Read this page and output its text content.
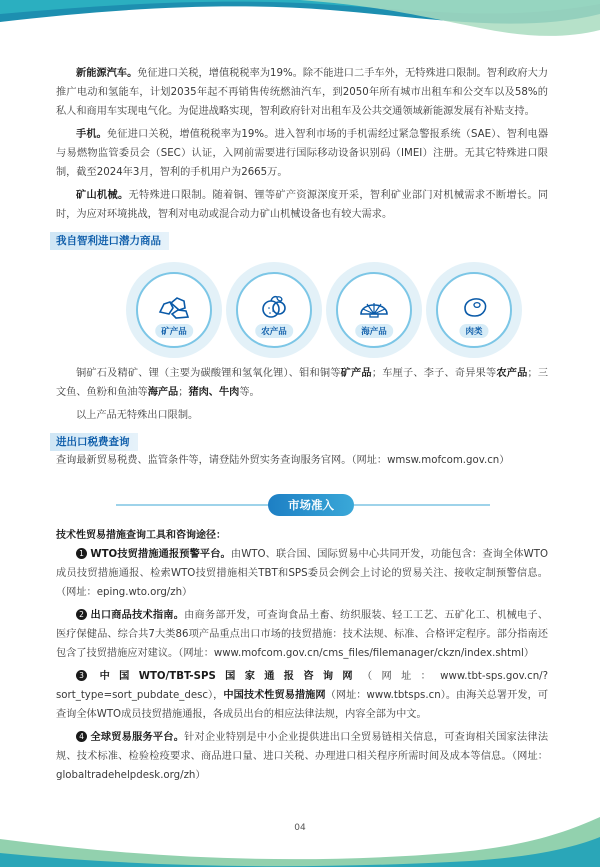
新能源汽车。免征进口关税，增值税税率为19%。除不能进口二手车外，无特殊进口限制。智利政府大力推广电动和氢能车，计划2035年起不再销售传统燃油汽车，到2050年所有城市出租车和公交车以及58%的私人和商用车实现电气化。为促进战略实现，智利政府针对出租车及公共交通领域新能源发展有补贴支持。

手机。免征进口关税，增值税税率为19%。进入智利市场的手机需经过紧急警报系统（SAE）、智利电器与易燃物监管委员会（SEC）认证，入网前需要进行国际移动设备识别码（IMEI）注册。无其它特殊进口限制，截至2024年3月，智利的手机用户为2665万。

矿山机械。无特殊进口限制。随着铜、锂等矿产资源深度开采，智利矿业部门对机械需求不断增长。同时，为应对环境挑战，智利对电动或混合动力矿山机械设备也有较大需求。

我自智利进口潜力商品
矿产品	农产品	海产品	肉类

铜矿石及精矿、锂（主要为碳酸锂和氢氧化锂）、钼和铜等矿产品；车厘子、李子、奇异果等农产品；三文鱼、鱼粉和鱼油等海产品；猪肉、牛肉等。

以上产品无特殊出口限制。

进出口税费查询

查询最新贸易税费、监管条件等，请登陆外贸实务查询服务官网。（网址：wmsw.mofcom.gov.cn）

市场准入

技术性贸易措施查询工具和咨询途径：

1 WTO技贸措施通报预警平台。由WTO、联合国、国际贸易中心共同开发，功能包含：查询全体WTO成员技贸措施通报、检索WTO技贸措施相关TBT和SPS委员会例会上讨论的贸易关注、接收定制预警信息。（网址：eping.wto.org/zh）

2 出口商品技术指南。由商务部开发，可查询食品土畜、纺织服装、轻工工艺、五矿化工、机械电子、医疗保健品、综合共7大类86项产品重点出口市场的技贸措施：技术法规、标准、合格评定程序。部分指南还包含了技贸措施应对建议。（网址：www.mofcom.gov.cn/cms_files/filemanager/ckzn/index.shtml）

3 中国WTO/TBT-SPS国家通报咨询网（网址：www.tbt-sps.gov.cn/?sort_type=sort_pubdate_desc），中国技术性贸易措施网（网址：www.tbtsps.cn）。由海关总署开发，可查询全体WTO成员技贸措施通报，各成员出台的相应法律法规，内容全部为中文。

4 全球贸易服务平台。针对企业特别是中小企业提供进出口全贸易链相关信息，可查询相关国家法律法规、技术标准、检验检疫要求、商品进口量、进口关税、办理进口相关程序所需时间及成本等信息。（网址：globaltradehelpdesk.org/zh）

04
